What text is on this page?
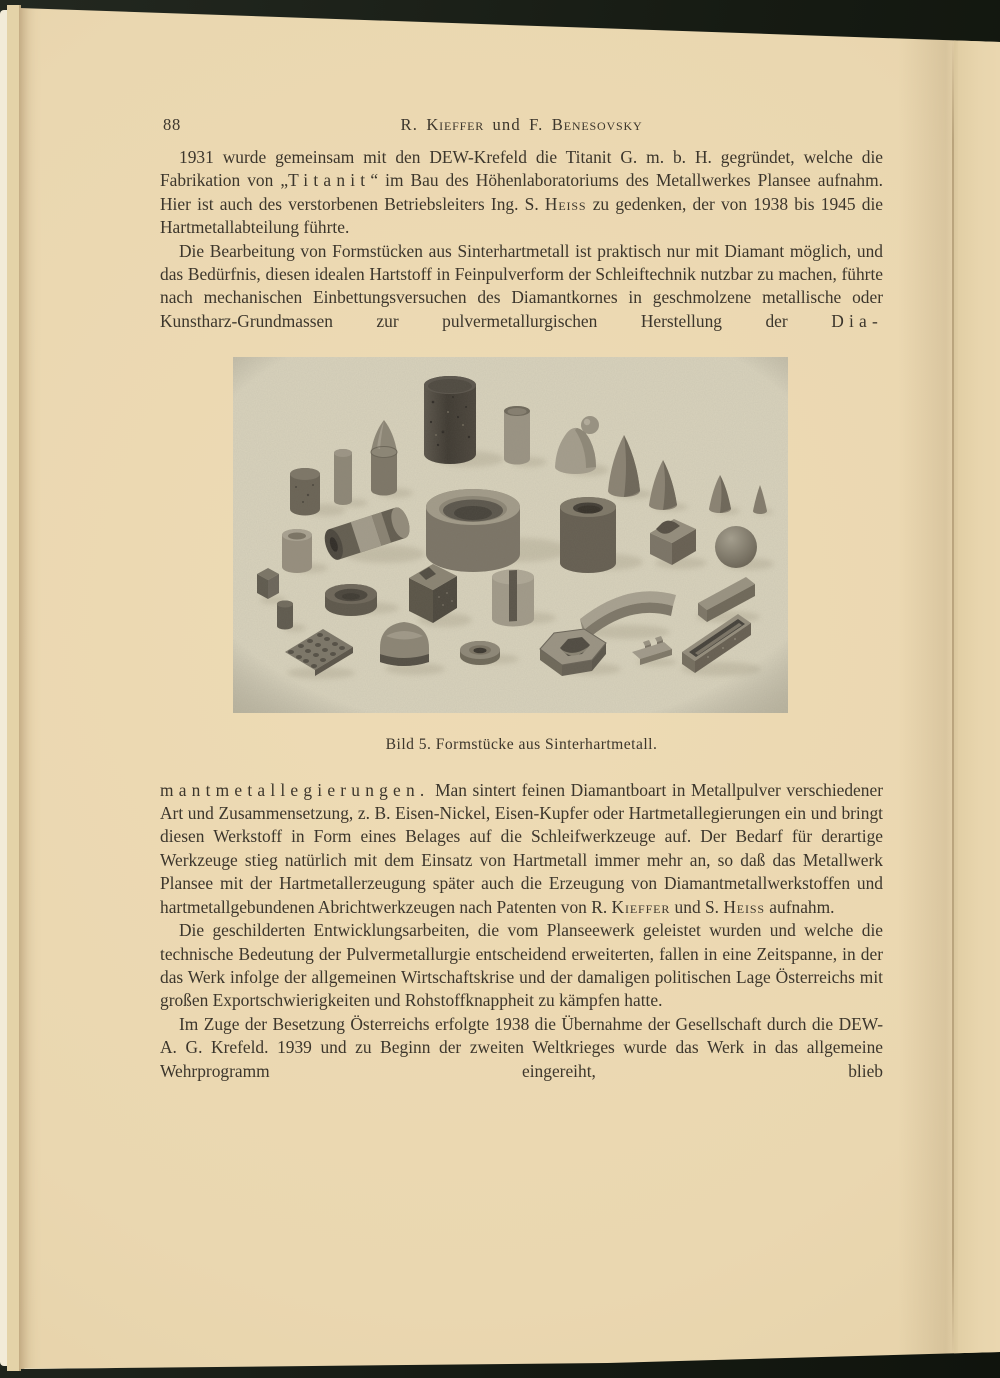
88	R. Kieffer und F. Benesovsky

1931 wurde gemeinsam mit den DEW-Krefeld die Titanit G. m. b. H. gegründet, welche die Fabrikation von „Titanit“ im Bau des Höhenlaboratoriums des Metallwerkes Plansee aufnahm. Hier ist auch des verstorbenen Betriebsleiters Ing. S. Heiss zu gedenken, der von 1938 bis 1945 die Hartmetallabteilung führte.

Die Bearbeitung von Formstücken aus Sinterhartmetall ist praktisch nur mit Diamant möglich, und das Bedürfnis, diesen idealen Hartstoff in Feinpulverform der Schleiftechnik nutzbar zu machen, führte nach mechanischen Einbettungsversuchen des Diamantkornes in geschmolzene metallische oder Kunstharz-Grundmassen zur pulvermetallurgischen Herstellung der Dia-

Bild 5. Formstücke aus Sinterhartmetall.

mantmetallegierungen. Man sintert feinen Diamantboart in Metallpulver verschiedener Art und Zusammensetzung, z. B. Eisen-Nickel, Eisen-Kupfer oder Hartmetallegierungen ein und bringt diesen Werkstoff in Form eines Belages auf die Schleifwerkzeuge auf. Der Bedarf für derartige Werkzeuge stieg natürlich mit dem Einsatz von Hartmetall immer mehr an, so daß das Metallwerk Plansee mit der Hartmetallerzeugung später auch die Erzeugung von Diamantmetallwerkstoffen und hartmetallgebundenen Abrichtwerkzeugen nach Patenten von R. Kieffer und S. Heiss aufnahm.

Die geschilderten Entwicklungsarbeiten, die vom Planseewerk geleistet wurden und welche die technische Bedeutung der Pulvermetallurgie entscheidend erweiterten, fallen in eine Zeitspanne, in der das Werk infolge der allgemeinen Wirtschaftskrise und der damaligen politischen Lage Österreichs mit großen Exportschwierigkeiten und Rohstoffknappheit zu kämpfen hatte.

Im Zuge der Besetzung Österreichs erfolgte 1938 die Übernahme der Gesellschaft durch die DEW-A. G. Krefeld. 1939 und zu Beginn der zweiten Weltkrieges wurde das Werk in das allgemeine Wehrprogramm eingereiht, blieb
